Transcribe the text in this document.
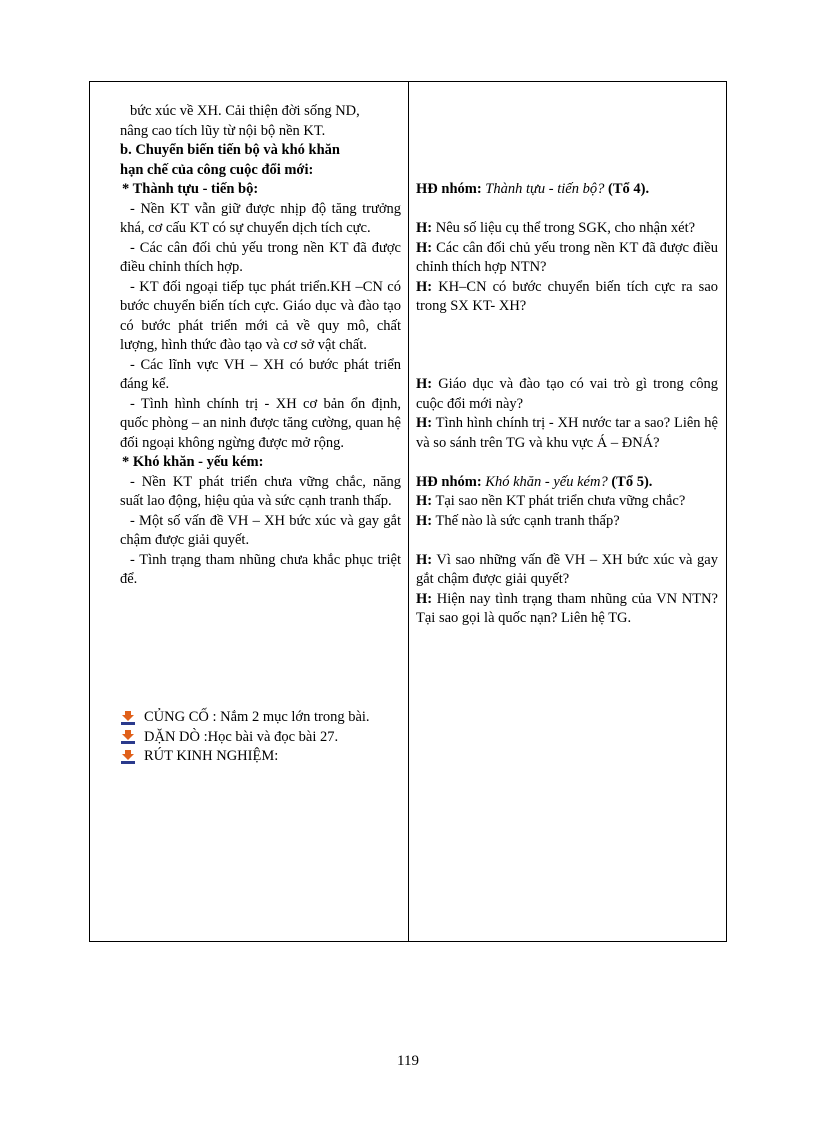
bức xúc về XH. Cải thiện đời sống ND,

nâng cao tích lũy từ nội bộ nền KT.

b. Chuyển biến tiến bộ và khó khăn

hạn chế của công cuộc đổi mới:

* Thành tựu - tiến bộ:

- Nền KT vẫn giữ được nhịp độ tăng trưởng khá, cơ cấu KT có sự chuyển dịch tích cực.

- Các cân đối chủ yếu trong nền KT đã được điều chỉnh thích hợp.

- KT đối ngoại tiếp tục phát triển.KH –CN có bước chuyển biến tích cực. Giáo dục và đào tạo có bước phát triển mới cả về quy mô, chất lượng, hình thức đào tạo và cơ sở vật chất.

- Các lĩnh vực VH – XH có bước phát triển đáng kể.

- Tình hình chính trị - XH cơ bản ổn định, quốc phòng – an ninh được tăng cường, quan hệ đối ngoại không ngừng được mở rộng.

* Khó khăn - yếu kém:

- Nền KT phát triển chưa vững chắc, năng suất lao động, hiệu qủa và sức cạnh tranh thấp.

- Một số vấn đề VH – XH bức xúc và gay gắt chậm được giải quyết.

- Tình trạng tham nhũng chưa khắc phục triệt để.

CỦNG CỐ : Nắm 2 mục lớn trong bài.
DẶN DÒ :Học bài và đọc bài 27.
RÚT KINH NGHIỆM:

HĐ nhóm: Thành tựu - tiến bộ? (Tổ 4).

H: Nêu số liệu cụ thể trong SGK, cho nhận xét?

H: Các cân đối chủ yếu trong nền KT đã được điều chỉnh thích hợp NTN?

H: KH–CN có bước chuyển biến tích cực ra sao trong SX KT- XH?

H: Giáo dục và đào tạo có vai trò gì trong công cuộc đổi mới này?

H: Tình hình chính trị - XH nước tar a sao? Liên hệ và so sánh trên TG và khu vực Á – ĐNÁ?

HĐ nhóm: Khó khăn - yếu kém? (Tổ 5).

H: Tại sao nền KT phát triển chưa vững chắc?

H: Thế nào là sức cạnh tranh thấp?

H: Vì sao những vấn đề VH – XH bức xúc và gay gắt chậm được giải quyết?

H: Hiện nay tình trạng tham nhũng của VN NTN? Tại sao gọi là quốc nạn? Liên hệ TG.

119
